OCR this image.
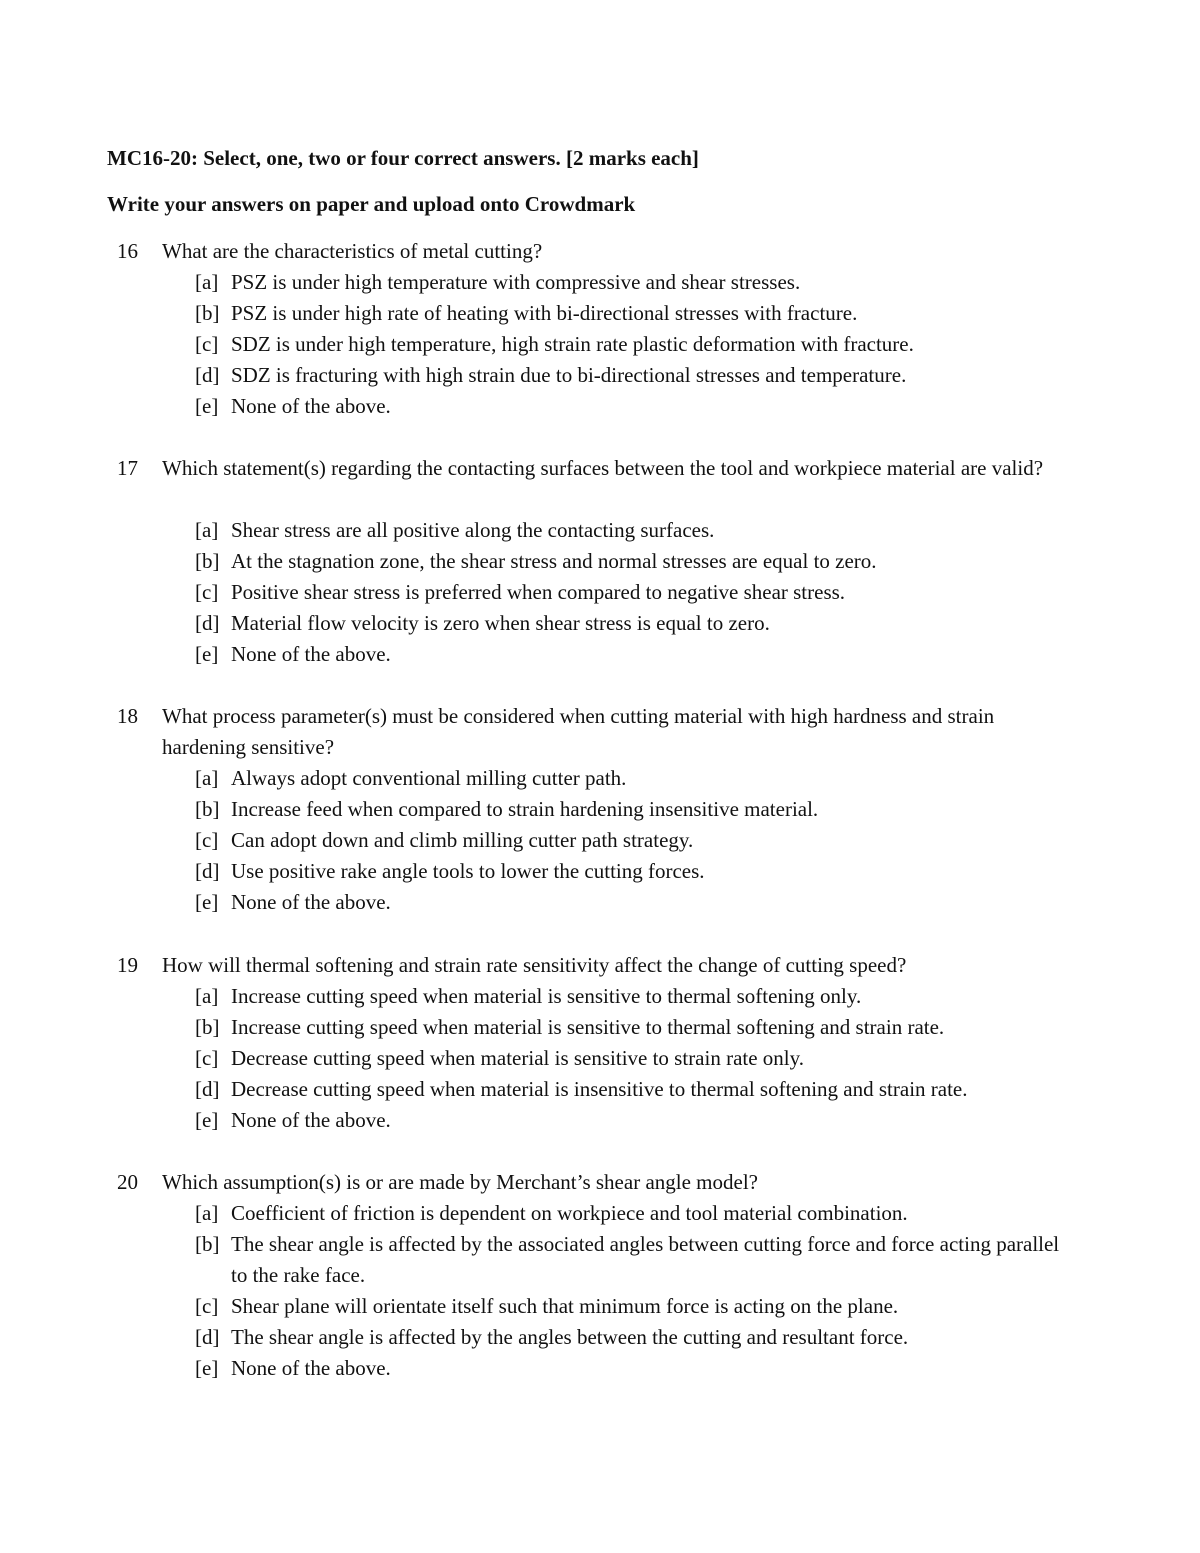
MC16-20: Select, one, two or four correct answers. [2 marks each]
Write your answers on paper and upload onto Crowdmark
16 What are the characteristics of metal cutting?
[a] PSZ is under high temperature with compressive and shear stresses.
[b] PSZ is under high rate of heating with bi-directional stresses with fracture.
[c] SDZ is under high temperature, high strain rate plastic deformation with fracture.
[d] SDZ is fracturing with high strain due to bi-directional stresses and temperature.
[e] None of the above.
17 Which statement(s) regarding the contacting surfaces between the tool and workpiece material are valid?
[a] Shear stress are all positive along the contacting surfaces.
[b] At the stagnation zone, the shear stress and normal stresses are equal to zero.
[c] Positive shear stress is preferred when compared to negative shear stress.
[d] Material flow velocity is zero when shear stress is equal to zero.
[e] None of the above.
18 What process parameter(s) must be considered when cutting material with high hardness and strain hardening sensitive?
[a] Always adopt conventional milling cutter path.
[b] Increase feed when compared to strain hardening insensitive material.
[c] Can adopt down and climb milling cutter path strategy.
[d] Use positive rake angle tools to lower the cutting forces.
[e] None of the above.
19 How will thermal softening and strain rate sensitivity affect the change of cutting speed?
[a] Increase cutting speed when material is sensitive to thermal softening only.
[b] Increase cutting speed when material is sensitive to thermal softening and strain rate.
[c] Decrease cutting speed when material is sensitive to strain rate only.
[d] Decrease cutting speed when material is insensitive to thermal softening and strain rate.
[e] None of the above.
20 Which assumption(s) is or are made by Merchant’s shear angle model?
[a] Coefficient of friction is dependent on workpiece and tool material combination.
[b] The shear angle is affected by the associated angles between cutting force and force acting parallel to the rake face.
[c] Shear plane will orientate itself such that minimum force is acting on the plane.
[d] The shear angle is affected by the angles between the cutting and resultant force.
[e] None of the above.
